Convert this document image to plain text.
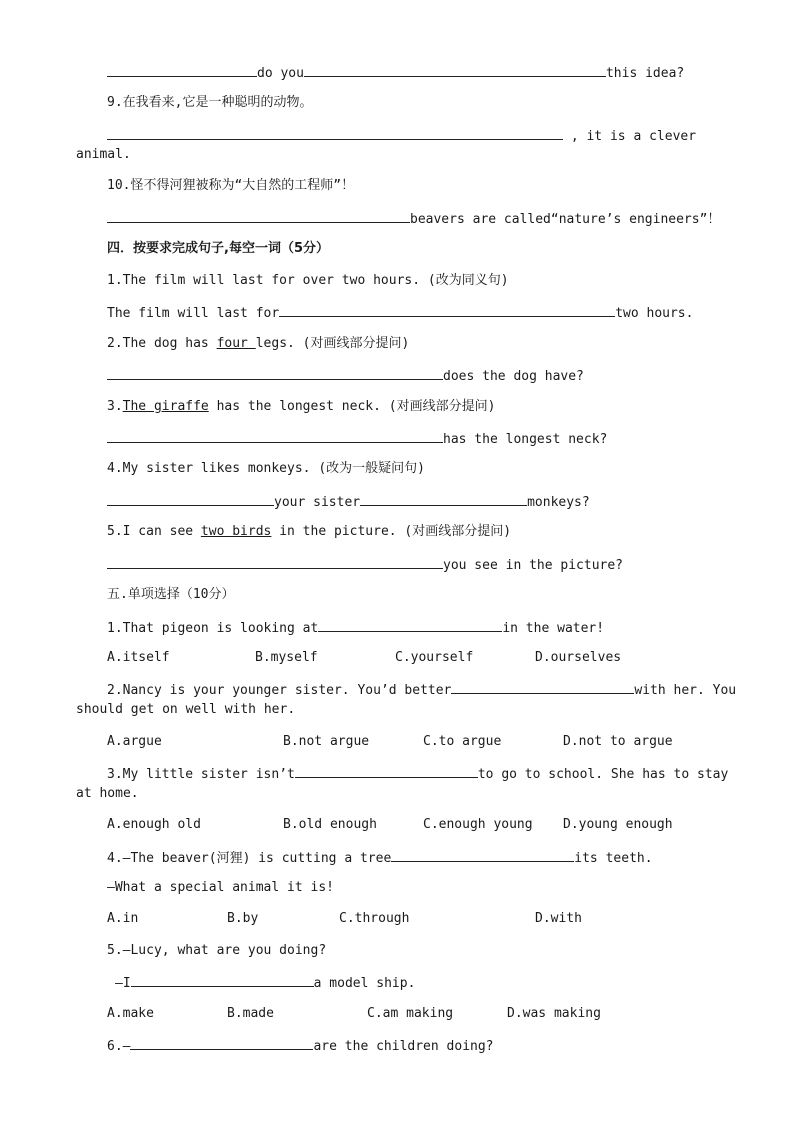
do you	this idea?
9.在我看来,它是一种聪明的动物。
, it is a clever
animal.
10.怪不得河狸被称为“大自然的工程师”！
beavers are called“nature’s engineers”！
四．按要求完成句子,每空一词（5分）
1.The film will last for over two hours. (改为同义句)
The film will last for	two hours.
2.The dog has four legs. (对画线部分提问)
does the dog have?
3.The giraffe has the longest neck. (对画线部分提问)
has the longest neck?
4.My sister likes monkeys. (改为一般疑问句)
your sister	monkeys?
5.I can see two birds in the picture. (对画线部分提问)
you see in the picture?
五.单项选择（10分）
1.That pigeon is looking at	in the water!
A.itself	B.myself	C.yourself	D.ourselves
2.Nancy is your younger sister. You’d better	with her. You
should get on well with her.
A.argue	B.not argue	C.to argue	D.not to argue
3.My little sister isn’t	to go to school. She has to stay
at home.
A.enough old	B.old enough	C.enough young D.young enough
4.—The beaver(河狸) is cutting a tree	its teeth.
—What a special animal it is!
A.in	B.by	C.through	D.with
5.—Lucy, what are you doing?
—I	a model ship.
A.make	B.made	C.am making	D.was making
6.—	are the children doing?
